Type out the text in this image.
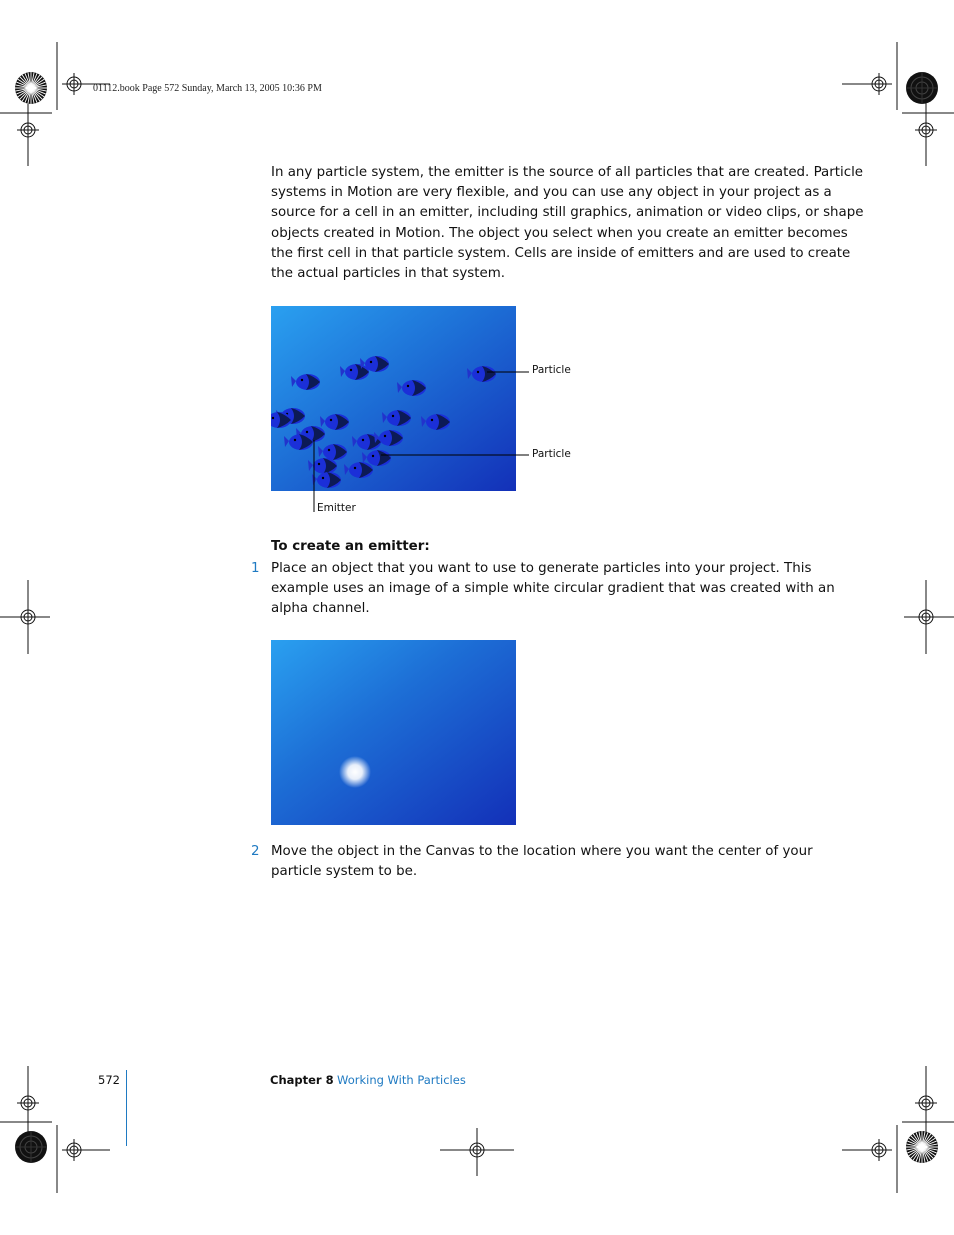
01112.book Page 572 Sunday, March 13, 2005 10:36 PM
In any particle system, the emitter is the source of all particles that are created. Particle
systems in Motion are very flexible, and you can use any object in your project as a
source for a cell in an emitter, including still graphics, animation or video clips, or shape
objects created in Motion. The object you select when you create an emitter becomes
the first cell in that particle system. Cells are inside of emitters and are used to create
the actual particles in that system.
Particle
Particle
Emitter
To create an emitter:
1 Place an object that you want to use to generate particles into your project. This
example uses an image of a simple white circular gradient that was created with an
alpha channel.
2 Move the object in the Canvas to the location where you want the center of your
particle system to be.
572	Chapter 8 Working With Particles
